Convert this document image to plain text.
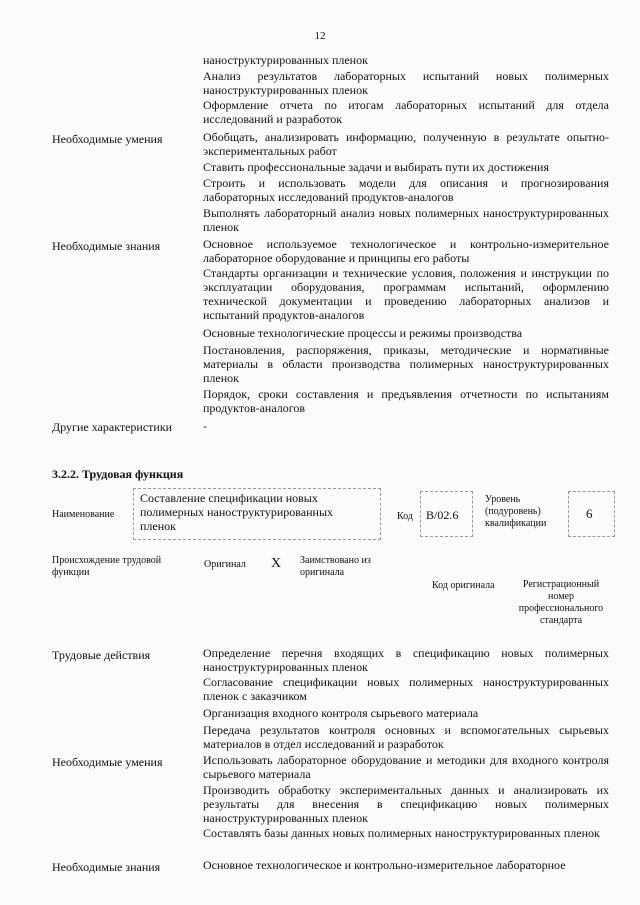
12
наноструктурированных пленок
Анализ результатов лабораторных испытаний новых полимерных наноструктурированных пленок
Оформление отчета по итогам лабораторных испытаний для отдела исследований и разработок
Необходимые умения	Обобщать, анализировать информацию, полученную в результате опытно-экспериментальных работ
Ставить профессиональные задачи и выбирать пути их достижения
Строить и использовать модели для описания и прогнозирования лабораторных исследований продуктов-аналогов
Выполнять лабораторный анализ новых полимерных наноструктурированных пленок
Необходимые знания	Основное используемое технологическое и контрольно-измерительное лабораторное оборудование и принципы его работы
Стандарты организации и технические условия, положения и инструкции по эксплуатации оборудования, программам испытаний, оформлению технической документации и проведению лабораторных анализов и испытаний продуктов-аналогов
Основные технологические процессы и режимы производства
Постановления, распоряжения, приказы, методические и нормативные материалы в области производства полимерных наноструктурированных пленок
Порядок, сроки составления и предъявления отчетности по испытаниям продуктов-аналогов
Другие характеристики	-
3.2.2. Трудовая функция
Наименование
Составление спецификации новых полимерных наноструктурированных пленок
Код В/02.6
Уровень (подуровень) квалификации
6
Происхождение трудовой функции
Оригинал X Заимствовано из оригинала
Код оригинала	Регистрационный номер профессионального стандарта
Трудовые действия	Определение перечня входящих в спецификацию новых полимерных наноструктурированных пленок
Согласование спецификации новых полимерных наноструктурированных пленок с заказчиком
Организация входного контроля сырьевого материала
Передача результатов контроля основных и вспомогательных сырьевых материалов в отдел исследований и разработок
Необходимые умения	Использовать лабораторное оборудование и методики для входного контроля сырьевого материала
Производить обработку экспериментальных данных и анализировать их результаты для внесения в спецификацию новых полимерных наноструктурированных пленок
Составлять базы данных новых полимерных наноструктурированных пленок
Необходимые знания	Основное технологическое и контрольно-измерительное лабораторное
